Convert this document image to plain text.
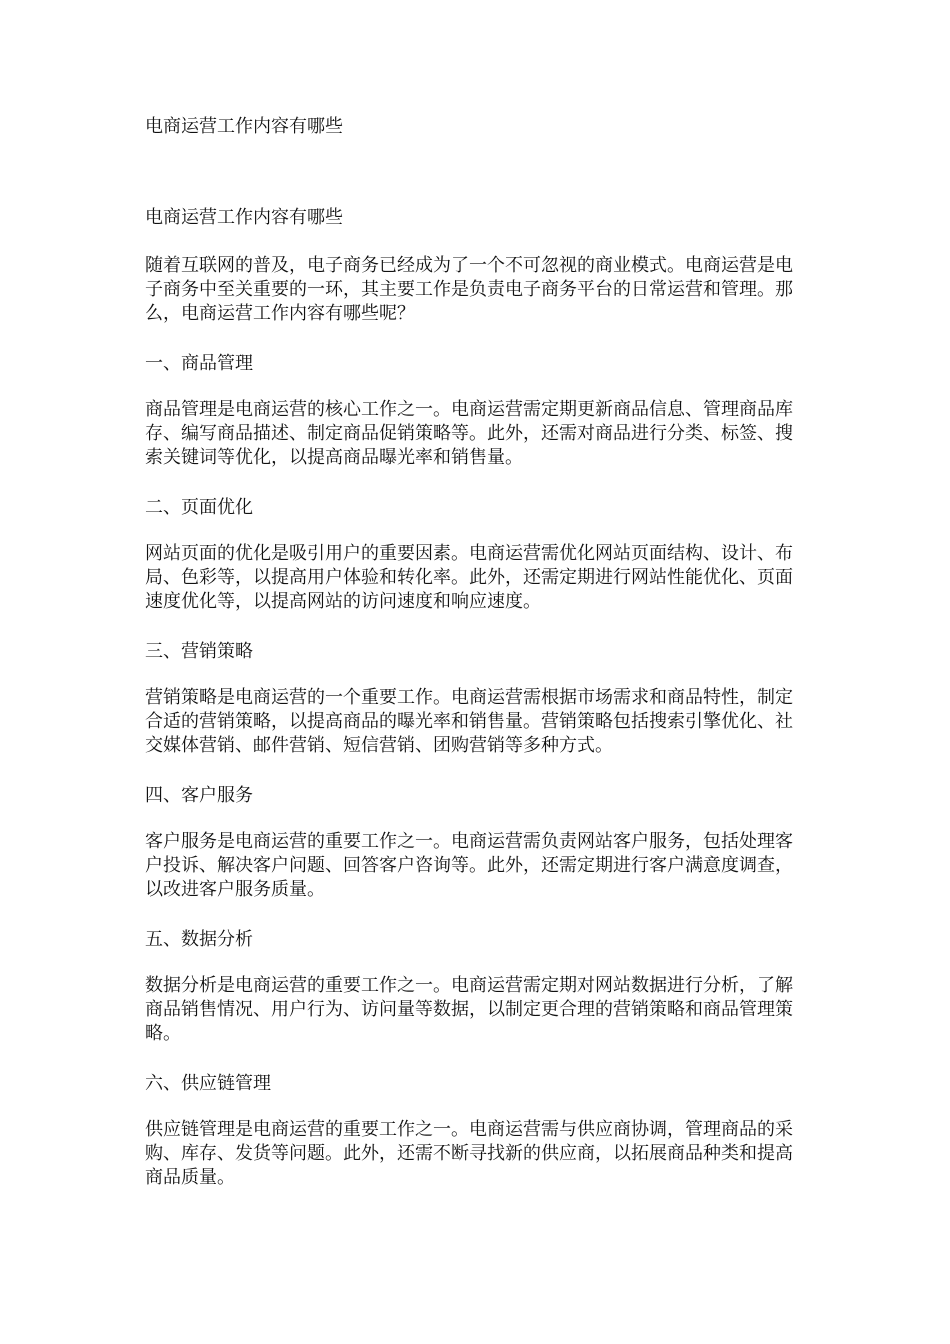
电商运营工作内容有哪些

电商运营工作内容有哪些

随着互联网的普及，电子商务已经成为了一个不可忽视的商业模式。电商运营是电子商务中至关重要的一环，其主要工作是负责电子商务平台的日常运营和管理。那么，电商运营工作内容有哪些呢？

一、商品管理

商品管理是电商运营的核心工作之一。电商运营需定期更新商品信息、管理商品库存、编写商品描述、制定商品促销策略等。此外，还需对商品进行分类、标签、搜索关键词等优化，以提高商品曝光率和销售量。

二、页面优化

网站页面的优化是吸引用户的重要因素。电商运营需优化网站页面结构、设计、布局、色彩等，以提高用户体验和转化率。此外，还需定期进行网站性能优化、页面速度优化等，以提高网站的访问速度和响应速度。

三、营销策略

营销策略是电商运营的一个重要工作。电商运营需根据市场需求和商品特性，制定合适的营销策略，以提高商品的曝光率和销售量。营销策略包括搜索引擎优化、社交媒体营销、邮件营销、短信营销、团购营销等多种方式。

四、客户服务

客户服务是电商运营的重要工作之一。电商运营需负责网站客户服务，包括处理客户投诉、解决客户问题、回答客户咨询等。此外，还需定期进行客户满意度调查，以改进客户服务质量。

五、数据分析

数据分析是电商运营的重要工作之一。电商运营需定期对网站数据进行分析，了解商品销售情况、用户行为、访问量等数据，以制定更合理的营销策略和商品管理策略。

六、供应链管理

供应链管理是电商运营的重要工作之一。电商运营需与供应商协调，管理商品的采购、库存、发货等问题。此外，还需不断寻找新的供应商，以拓展商品种类和提高商品质量。
